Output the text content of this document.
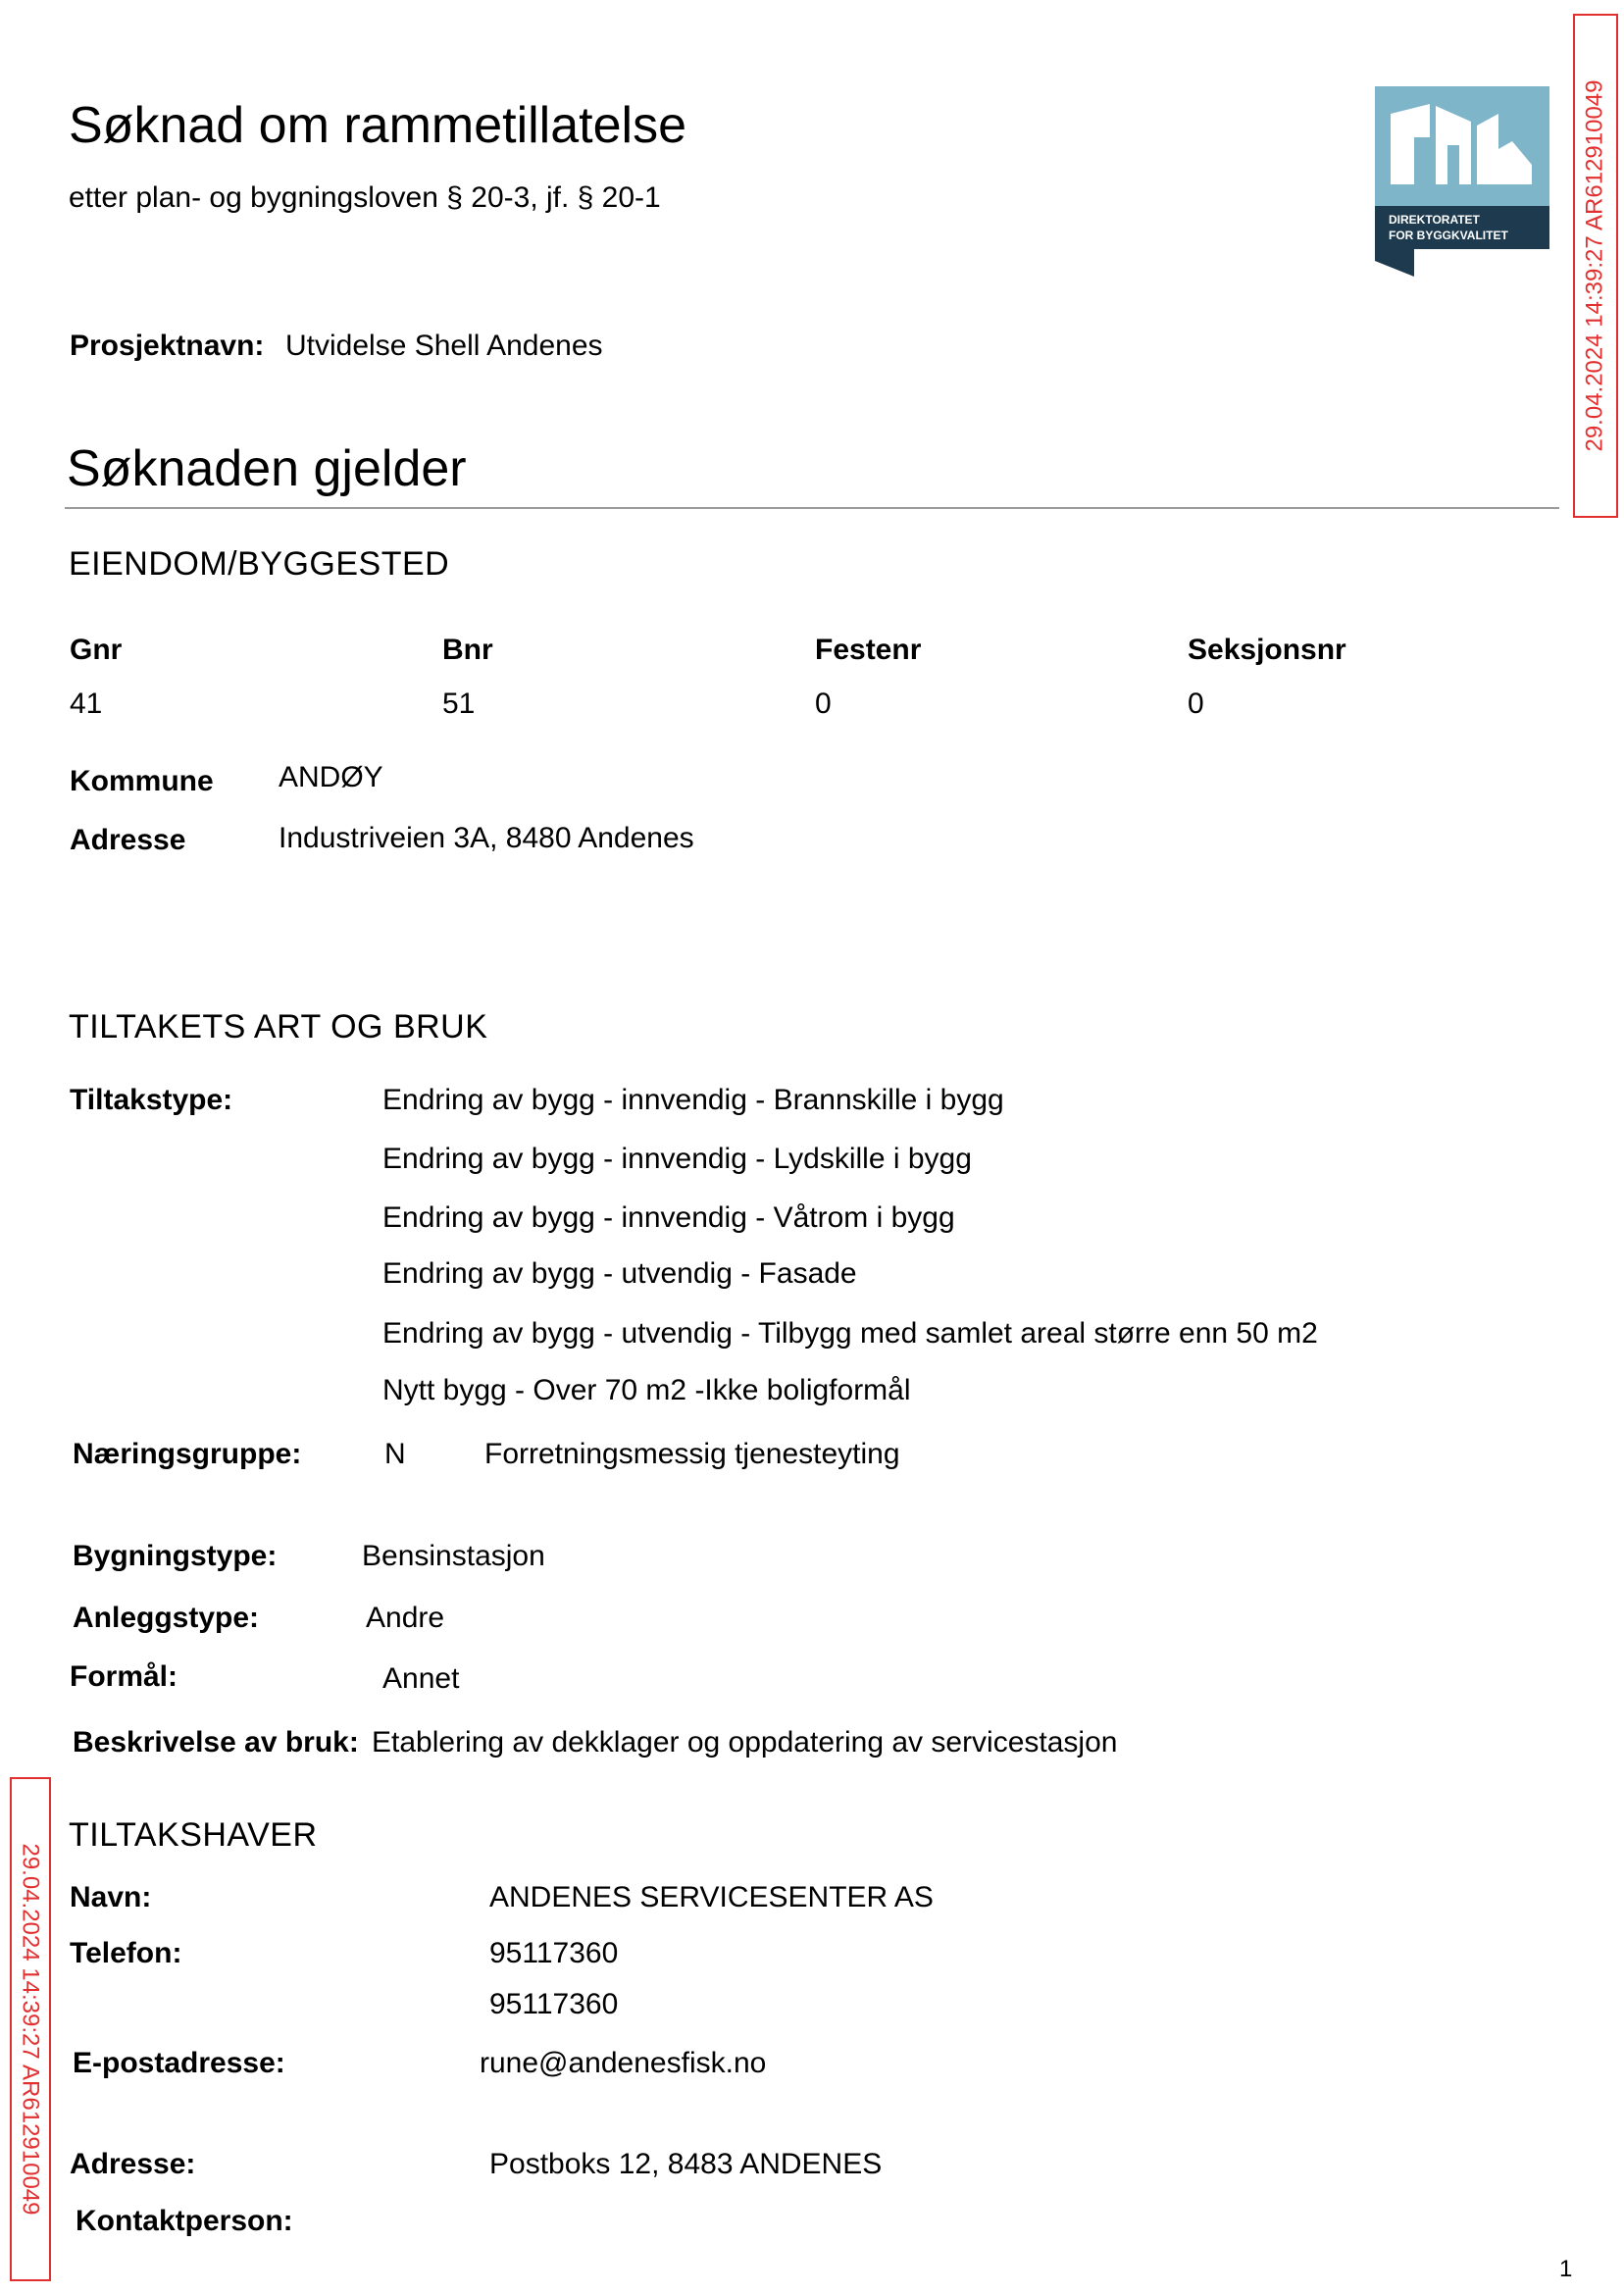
Søknad om rammetillatelse
etter plan- og bygningsloven § 20-3, jf. § 20-1
DIREKTORATET
FOR BYGGKVALITET	29.04.2024 14:39:27 AR612910049
29.04.2024 14:39:27 AR612910049
Prosjektnavn: Utvidelse Shell Andenes
Søknaden gjelder
EIENDOM/BYGGESTED
Gnr	Bnr	Festenr	Seksjonsnr
41	51	0	0
Kommune ANDØY
Adresse	Industriveien 3A, 8480 Andenes
TILTAKETS ART OG BRUK
Tiltakstype:	Endring av bygg - innvendig - Brannskille i bygg
Endring av bygg - innvendig - Lydskille i bygg
Endring av bygg - innvendig - Våtrom i bygg
Endring av bygg - utvendig - Fasade
Endring av bygg - utvendig - Tilbygg med samlet areal større enn 50 m2
Nytt bygg - Over 70 m2 -Ikke boligformål
Næringsgruppe:	N	Forretningsmessig tjenesteyting
Bygningstype:	Bensinstasjon
Anleggstype:	Andre
Formål:	Annet
Beskrivelse av bruk: Etablering av dekklager og oppdatering av servicestasjon
TILTAKSHAVER
Navn:	ANDENES SERVICESENTER AS
Telefon:	95117360
95117360
E-postadresse:	rune@andenesfisk.no
Adresse:	Postboks 12, 8483 ANDENES
Kontaktperson:
1
